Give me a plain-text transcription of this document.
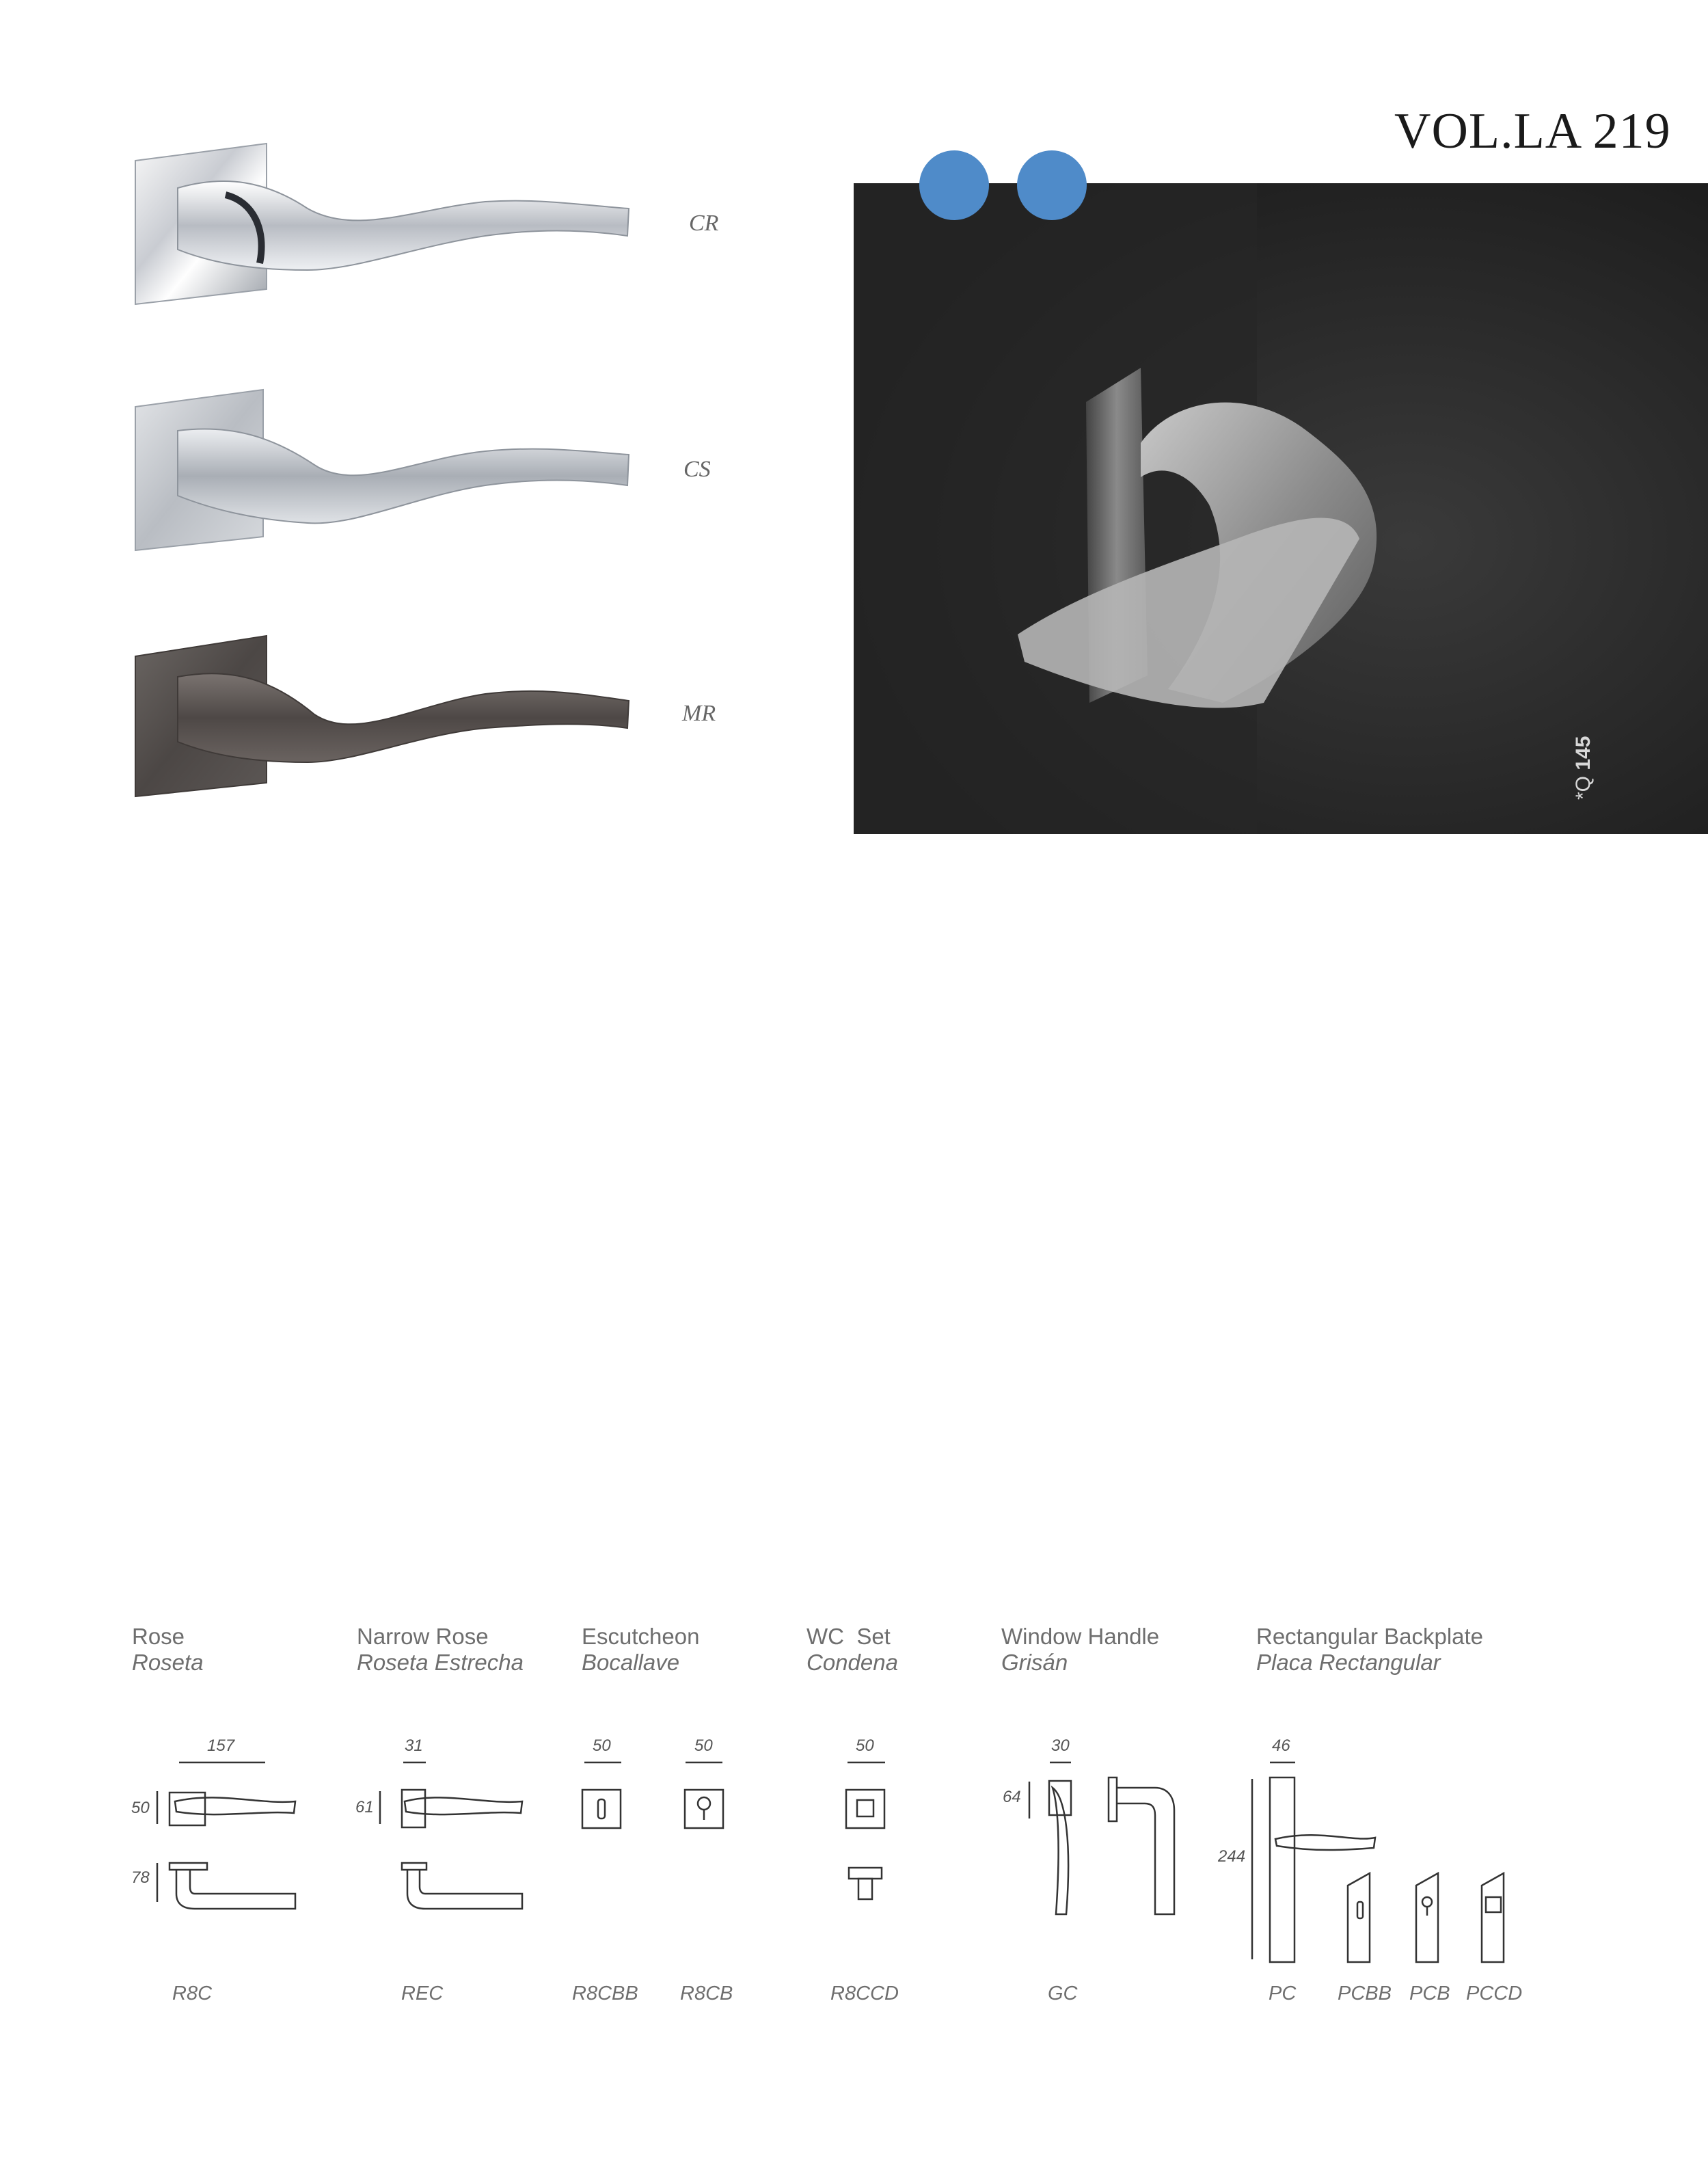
VOL.LA 219
CR
CS
MR
*Q 145
Rose
Roseta
Narrow Rose
Roseta Estrecha
Escutcheon
Bocallave
WC  Set
Condena
Window Handle
Grisán
Rectangular Backplate
Placa Rectangular
157
50
78
31
61
50	50	50	30
64
46
244
R8C	REC	R8CBB R8CB	R8CCD	GC	PC PCBB PCB PCCD
